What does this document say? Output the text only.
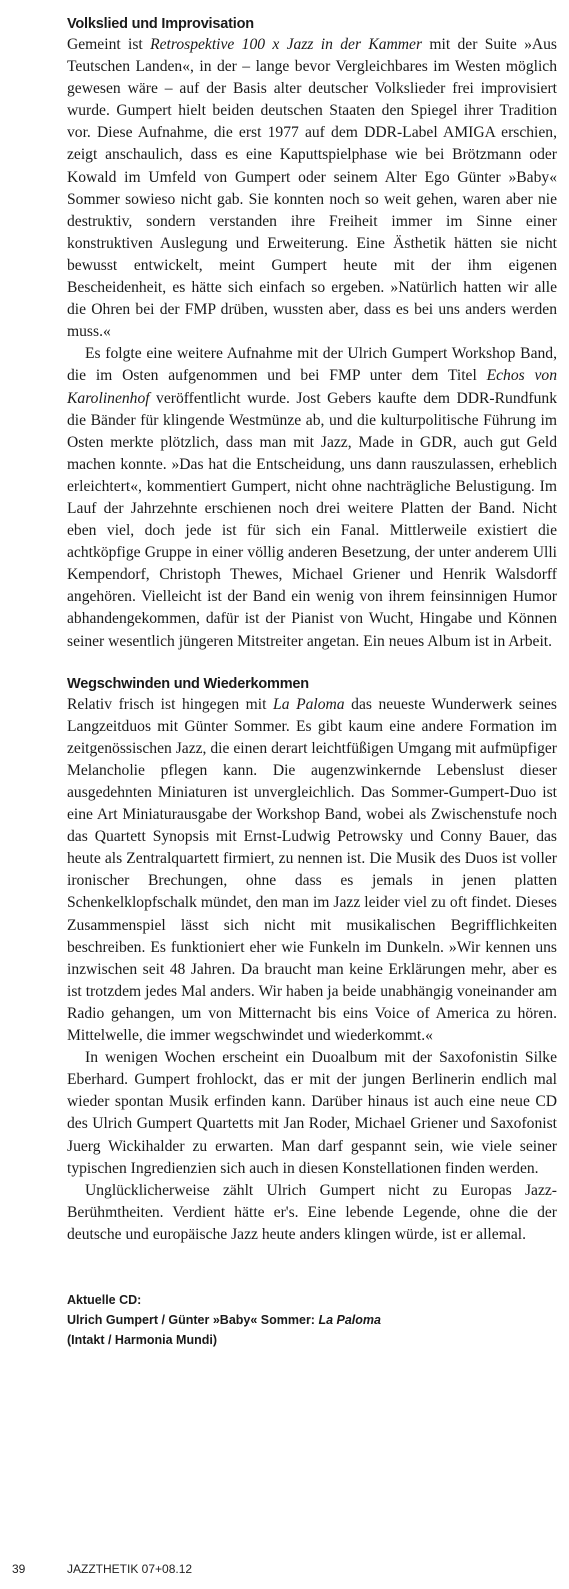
Volkslied und Improvisation

Gemeint ist Retrospektive 100 x Jazz in der Kammer mit der Suite »Aus Teutschen Landen«, in der – lange bevor Vergleichbares im Westen möglich gewesen wäre – auf der Basis alter deutscher Volkslieder frei improvisiert wurde. Gumpert hielt beiden deutschen Staaten den Spiegel ihrer Tradition vor. Diese Aufnahme, die erst 1977 auf dem DDR-Label AMIGA erschien, zeigt anschaulich, dass es eine Kaputtspielphase wie bei Brötzmann oder Kowald im Umfeld von Gumpert oder seinem Alter Ego Günter »Baby« Sommer sowieso nicht gab. Sie konnten noch so weit gehen, waren aber nie destruktiv, sondern verstanden ihre Freiheit immer im Sinne einer konstruktiven Auslegung und Erweiterung. Eine Ästhetik hätten sie nicht bewusst entwickelt, meint Gumpert heute mit der ihm eigenen Bescheidenheit, es hätte sich einfach so ergeben. »Natürlich hatten wir alle die Ohren bei der FMP drüben, wussten aber, dass es bei uns anders werden muss.«

Es folgte eine weitere Aufnahme mit der Ulrich Gumpert Workshop Band, die im Osten aufgenommen und bei FMP unter dem Titel Echos von Karolinenhof veröffentlicht wurde. Jost Gebers kaufte dem DDR-Rundfunk die Bänder für klingende Westmünze ab, und die kulturpolitische Führung im Osten merkte plötzlich, dass man mit Jazz, Made in GDR, auch gut Geld machen konnte. »Das hat die Entscheidung, uns dann rauszulassen, erheblich erleichtert«, kommentiert Gumpert, nicht ohne nachträgliche Belustigung. Im Lauf der Jahrzehnte erschienen noch drei weitere Platten der Band. Nicht eben viel, doch jede ist für sich ein Fanal. Mittlerweile existiert die achtköpfige Gruppe in einer völlig anderen Besetzung, der unter anderem Ulli Kempendorf, Christoph Thewes, Michael Griener und Henrik Walsdorff angehören. Vielleicht ist der Band ein wenig von ihrem feinsinnigen Humor abhandengekommen, dafür ist der Pianist von Wucht, Hingabe und Können seiner wesentlich jüngeren Mitstreiter angetan. Ein neues Album ist in Arbeit.

Wegschwinden und Wiederkommen

Relativ frisch ist hingegen mit La Paloma das neueste Wunderwerk seines Langzeitduos mit Günter Sommer. Es gibt kaum eine andere Formation im zeitgenössischen Jazz, die einen derart leichtfüßigen Umgang mit aufmüpfiger Melancholie pflegen kann. Die augenzwinkernde Lebenslust dieser ausgedehnten Miniaturen ist unvergleichlich. Das Sommer-Gumpert-Duo ist eine Art Miniaturausgabe der Workshop Band, wobei als Zwischenstufe noch das Quartett Synopsis mit Ernst-Ludwig Petrowsky und Conny Bauer, das heute als Zentralquartett firmiert, zu nennen ist. Die Musik des Duos ist voller ironischer Brechungen, ohne dass es jemals in jenen platten Schenkelklopfschalk mündet, den man im Jazz leider viel zu oft findet. Dieses Zusammenspiel lässt sich nicht mit musikalischen Begrifflichkeiten beschreiben. Es funktioniert eher wie Funkeln im Dunkeln. »Wir kennen uns inzwischen seit 48 Jahren. Da braucht man keine Erklärungen mehr, aber es ist trotzdem jedes Mal anders. Wir haben ja beide unabhängig voneinander am Radio gehangen, um von Mitternacht bis eins Voice of America zu hören. Mittelwelle, die immer wegschwindet und wiederkommt.«

In wenigen Wochen erscheint ein Duoalbum mit der Saxofonistin Silke Eberhard. Gumpert frohlockt, das er mit der jungen Berlinerin endlich mal wieder spontan Musik erfinden kann. Darüber hinaus ist auch eine neue CD des Ulrich Gumpert Quartetts mit Jan Roder, Michael Griener und Saxofonist Juerg Wickihalder zu erwarten. Man darf gespannt sein, wie viele seiner typischen Ingredienzien sich auch in diesen Konstellationen finden werden.

Unglücklicherweise zählt Ulrich Gumpert nicht zu Europas Jazz-Berühmtheiten. Verdient hätte er's. Eine lebende Legende, ohne die der deutsche und europäische Jazz heute anders klingen würde, ist er allemal.

Aktuelle CD:

Ulrich Gumpert / Günter »Baby« Sommer: La Paloma

(Intakt / Harmonia Mundi)

39	JAZZTHETIK 07+08.12
